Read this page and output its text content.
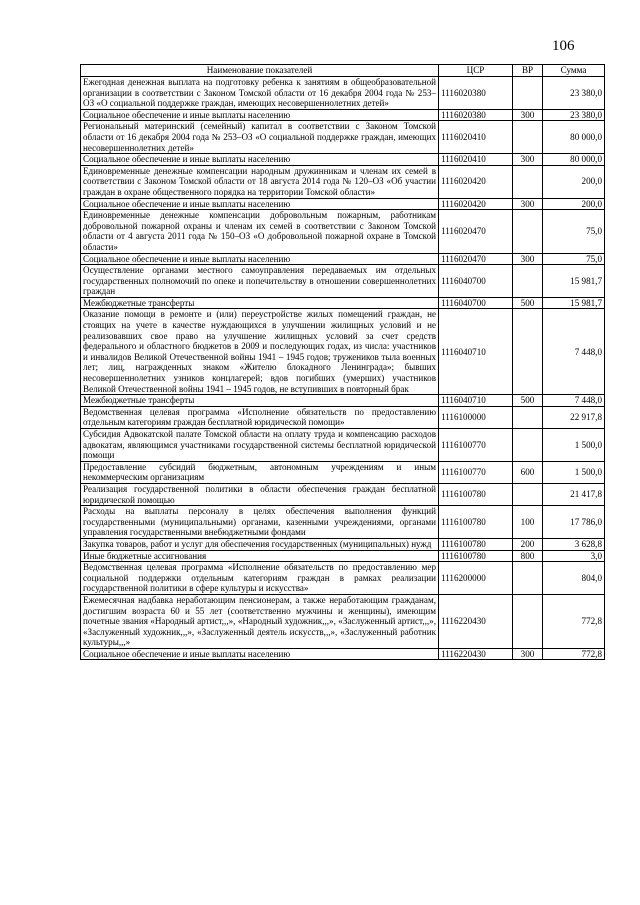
106
Наименование показателей	ЦСР	ВР	Сумма
Ежегодная денежная выплата на подготовку ребенка к занятиям в общеобразовательной организации в соответствии с Законом Томской области от 16 декабря 2004 года № 253–ОЗ «О социальной поддержке граждан, имеющих несовершеннолетних детей»	1116020380		23 380,0
Социальное обеспечение и иные выплаты населению	1116020380	300	23 380,0
Региональный материнский (семейный) капитал в соответствии с Законом Томской области от 16 декабря 2004 года № 253–ОЗ «О социальной поддержке граждан, имеющих несовершеннолетних детей»	1116020410		80 000,0
Социальное обеспечение и иные выплаты населению	1116020410	300	80 000,0
Единовременные денежные компенсации народным дружинникам и членам их семей в соответствии с Законом Томской области от 18 августа 2014 года № 120–ОЗ «Об участии граждан в охране общественного порядка на территории Томской области»	1116020420		200,0
Социальное обеспечение и иные выплаты населению	1116020420	300	200,0
Единовременные денежные компенсации добровольным пожарным, работникам добровольной пожарной охраны и членам их семей в соответствии с Законом Томской области от 4 августа 2011 года № 150–ОЗ «О добровольной пожарной охране в Томской области»	1116020470		75,0
Социальное обеспечение и иные выплаты населению	1116020470	300	75,0
Осуществление органами местного самоуправления передаваемых им отдельных государственных полномочий по опеке и попечительству в отношении совершеннолетних граждан	1116040700		15 981,7
Межбюджетные трансферты	1116040700	500	15 981,7
Оказание помощи в ремонте и (или) переустройстве жилых помещений граждан, не стоящих на учете в качестве нуждающихся в улучшении жилищных условий и не реализовавших свое право на улучшение жилищных условий за счет средств федерального и областного бюджетов в 2009 и последующих годах, из числа: участников и инвалидов Великой Отечественной войны 1941 – 1945 годов; тружеников тыла военных лет; лиц, награжденных знаком «Жителю блокадного Ленинграда»; бывших несовершеннолетних узников концлагерей; вдов погибших (умерших) участников Великой Отечественной войны 1941 – 1945 годов, не вступивших в повторный брак	1116040710		7 448,0
Межбюджетные трансферты	1116040710	500	7 448,0
Ведомственная целевая программа «Исполнение обязательств по предоставлению отдельным категориям граждан бесплатной юридической помощи»	1116100000		22 917,8
Субсидия Адвокатской палате Томской области на оплату труда и компенсацию расходов адвокатам, являющимся участниками государственной системы бесплатной юридической помощи	1116100770		1 500,0
Предоставление субсидий бюджетным, автономным учреждениям и иным некоммерческим организациям	1116100770	600	1 500,0
Реализация государственной политики в области обеспечения граждан бесплатной юридической помощью	1116100780		21 417,8
Расходы на выплаты персоналу в целях обеспечения выполнения функций государственными (муниципальными) органами, казенными учреждениями, органами управления государственными внебюджетными фондами	1116100780	100	17 786,0
Закупка товаров, работ и услуг для обеспечения государственных (муниципальных) нужд	1116100780	200	3 628,8
Иные бюджетные ассигнования	1116100780	800	3,0
Ведомственная целевая программа «Исполнение обязательств по предоставлению мер социальной поддержки отдельным категориям граждан в рамках реализации государственной политики в сфере культуры и искусства»	1116200000		804,0
Ежемесячная надбавка неработающим пенсионерам, а также неработающим гражданам, достигшим возраста 60 и 55 лет (соответственно мужчины и женщины), имеющим почетные звания «Народный артист,,,», «Народный художник,,,», «Заслуженный артист,,,», «Заслуженный художник,,,», «Заслуженный деятель искусств,,,», «Заслуженный работник культуры,,,»	1116220430		772,8
Социальное обеспечение и иные выплаты населению	1116220430	300	772,8
